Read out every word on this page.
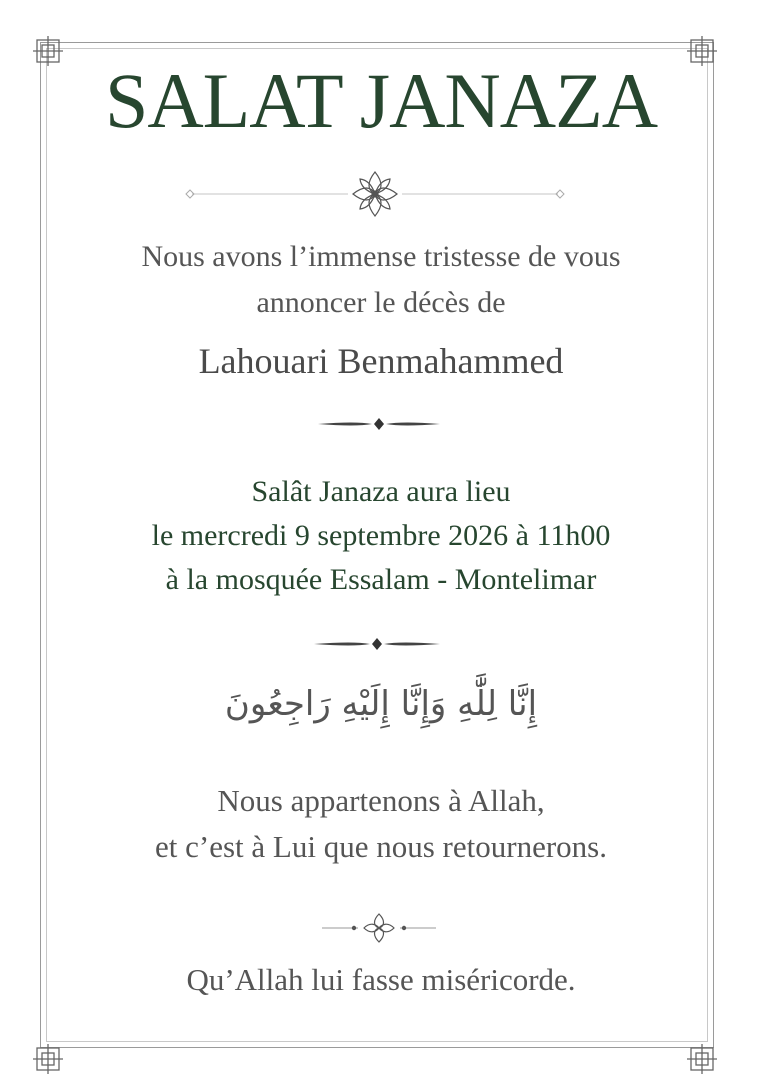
SALAT JANAZA
Nous avons l’immense tristesse de vous
annoncer le décès de
Lahouari Benmahammed
Salât Janaza aura lieu
le mercredi 9 septembre 2026 à 11h00
à la mosquée Essalam - Montelimar
إِنَّا لِلَّٰهِ وَإِنَّا إِلَيْهِ رَاجِعُونَ
Nous appartenons à Allah,
et c’est à Lui que nous retournerons.
Qu’Allah lui fasse miséricorde.
